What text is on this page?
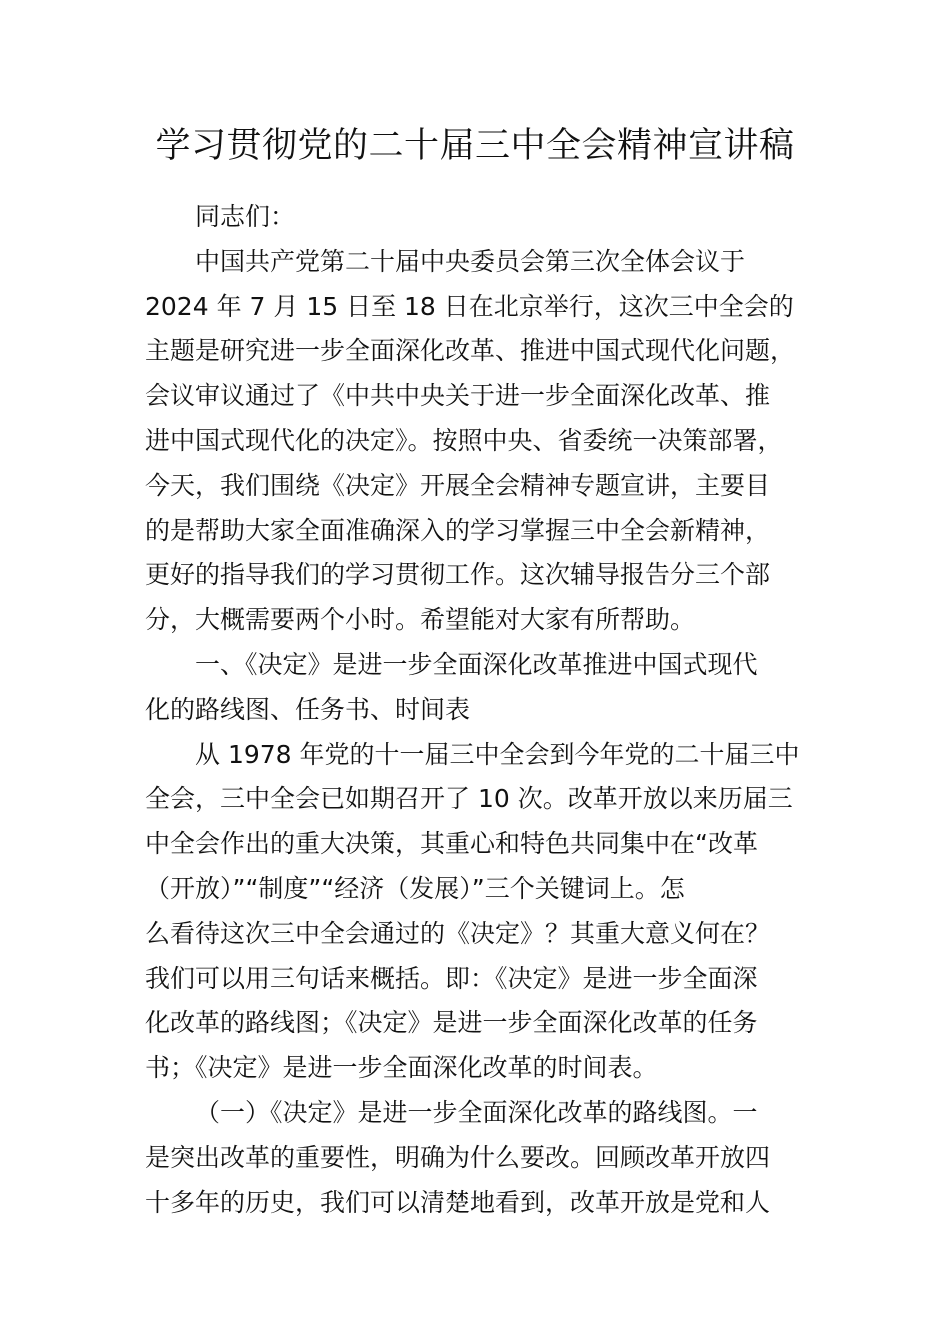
学习贯彻党的二十届三中全会精神宣讲稿
同志们：
中国共产党第二十届中央委员会第三次全体会议于
2024 年 7 月 15 日至 18 日在北京举行，这次三中全会的
主题是研究进一步全面深化改革、推进中国式现代化问题，
会议审议通过了《中共中央关于进一步全面深化改革、推
进中国式现代化的决定》。按照中央、省委统一决策部署，
今天，我们围绕《决定》开展全会精神专题宣讲，主要目
的是帮助大家全面准确深入的学习掌握三中全会新精神，
更好的指导我们的学习贯彻工作。这次辅导报告分三个部
分，大概需要两个小时。希望能对大家有所帮助。
一、《决定》是进一步全面深化改革推进中国式现代
化的路线图、任务书、时间表
从 1978 年党的十一届三中全会到今年党的二十届三中
全会，三中全会已如期召开了 10 次。改革开放以来历届三
中全会作出的重大决策，其重心和特色共同集中在“改革
（开放）”“制度”“经济（发展）”三个关键词上。怎
么看待这次三中全会通过的《决定》？其重大意义何在？
我们可以用三句话来概括。即：《决定》是进一步全面深
化改革的路线图；《决定》是进一步全面深化改革的任务
书；《决定》是进一步全面深化改革的时间表。
（一）《决定》是进一步全面深化改革的路线图。一
是突出改革的重要性，明确为什么要改。回顾改革开放四
十多年的历史，我们可以清楚地看到，改革开放是党和人
